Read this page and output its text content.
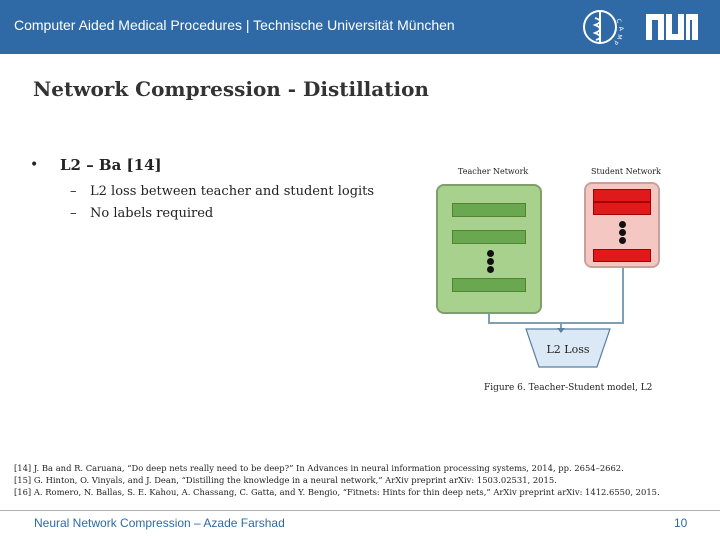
Computer Aided Medical Procedures | Technische Universität München	C
A
M
P
Network Compression - Distillation
• L2 – Ba [14]
– L2 loss between teacher and student logits
– No labels required
Teacher Network	Student Network
L2 Loss
Figure 6. Teacher-Student model, L2
[14] J. Ba and R. Caruana, “Do deep nets really need to be deep?” In Advances in neural information processing systems, 2014, pp. 2654–2662.
[15] G. Hinton, O. Vinyals, and J. Dean, “Distilling the knowledge in a neural network,” ArXiv preprint arXiv: 1503.02531, 2015.
[16] A. Romero, N. Ballas, S. E. Kahou, A. Chassang, C. Gatta, and Y. Bengio, “Fitnets: Hints for thin deep nets,” ArXiv preprint arXiv: 1412.6550, 2015.
Neural Network Compression – Azade Farshad	10
